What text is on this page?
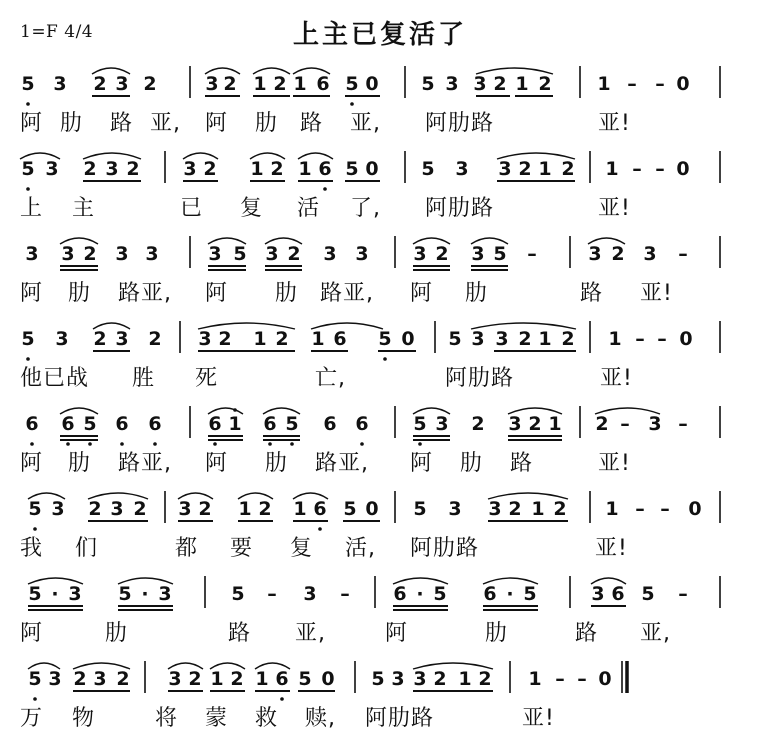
1=F 4/4	上主已复活了
5 3 2 3 2	3 2 1 2 1 6 5 0 5 3 3 2 1 2 1 – – 0
阿 肋 路 亚, 阿 肋 路 亚, 阿肋路	亚!
5 3 2 3 2 3 2 1 2 1 6 5 0 5 3 3 2 1 2 1 – – 0
上 主	已 复 活 了, 阿肋路	亚!
3 3 2 3 3	3 5 3 2 3 3 3 2 3 5 –	3 2 3 –
阿 肋 路亚, 阿 肋 路亚, 阿 肋	路 亚!
5 3 2 3 2 3 2 1 2 1 6 5 0 5 3 3 2 1 2 1 – – 0
他已战 胜 死	亡,	阿肋路	亚!
6 6 5 6 6 6 1 6 5 6 6 5 3 2 3 2 1 2 – 3 –
阿 肋 路亚, 阿 肋 路亚, 阿 肋 路	亚!
5 3 2 3 2 3 2 1 2 1 6 5 0 5 3 3 2 1 2 1 – – 0
我 们	都 要 复 活, 阿肋路	亚!
5 · 3 5 · 3	5 – 3 – 6 · 5 6 · 5	3 6 5 –
阿	肋	路 亚,	阿	肋	路 亚,
5 3 2 3 2 3 2 1 2 1 6 5 0 5 3 3 2 1 2 1 – – 0
万 物	将 蒙 救 赎, 阿肋路	亚!
